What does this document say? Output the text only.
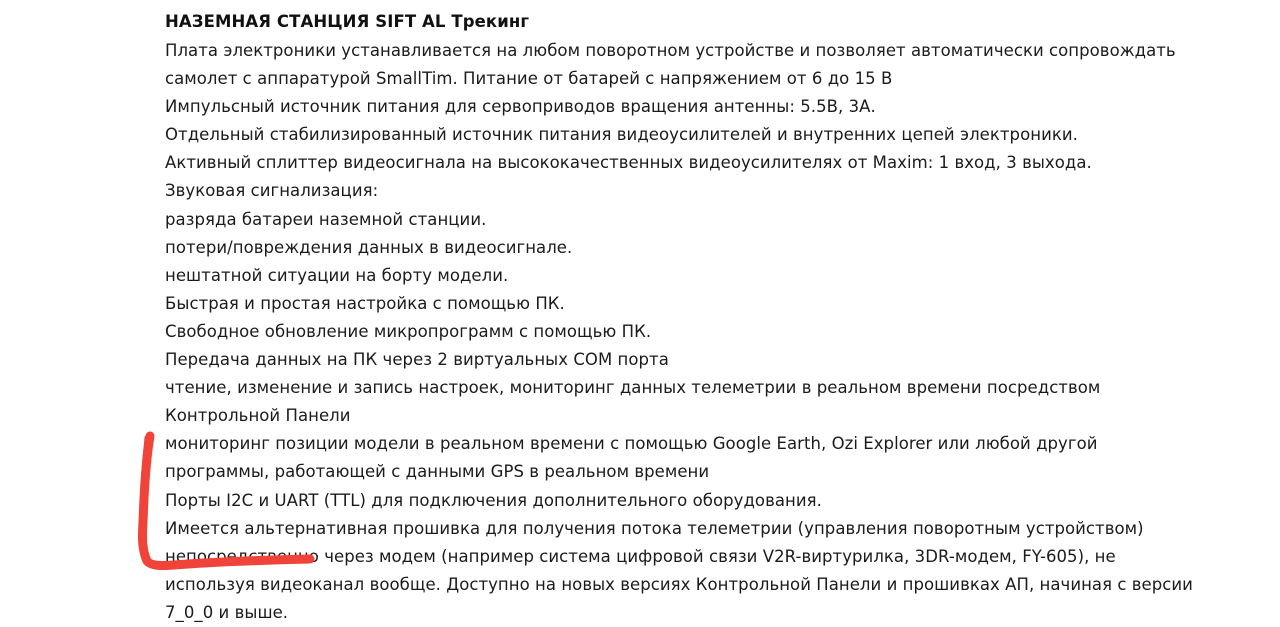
НАЗЕМНАЯ СТАНЦИЯ SIFT AL Трекинг
Плата электроники устанавливается на любом поворотном устройстве и позволяет автоматически сопровождать
самолет с аппаратурой SmallTim. Питание от батарей с напряжением от 6 до 15 В
Импульсный источник питания для сервоприводов вращения антенны: 5.5В, 3А.
Отдельный стабилизированный источник питания видеоусилителей и внутренних цепей электроники.
Активный сплиттер видеосигнала на высококачественных видеоусилителях от Maxim: 1 вход, 3 выхода.
Звуковая сигнализация:
разряда батареи наземной станции.
потери/повреждения данных в видеосигнале.
нештатной ситуации на борту модели.
Быстрая и простая настройка с помощью ПК.
Свободное обновление микропрограмм с помощью ПК.
Передача данных на ПК через 2 виртуальных COM порта
чтение, изменение и запись настроек, мониторинг данных телеметрии в реальном времени посредством
Контрольной Панели
мониторинг позиции модели в реальном времени с помощью Google Earth, Ozi Explorer или любой другой
программы, работающей с данными GPS в реальном времени
Порты I2C и UART (TTL) для подключения дополнительного оборудования.
Имеется альтернативная прошивка для получения потока телеметрии (управления поворотным устройством)
непосредственно через модем (например система цифровой связи V2R-виртурилка, 3DR-модем, FY-605), не
используя видеоканал вообще. Доступно на новых версиях Контрольной Панели и прошивках АП, начиная с версии
7_0_0 и выше.
